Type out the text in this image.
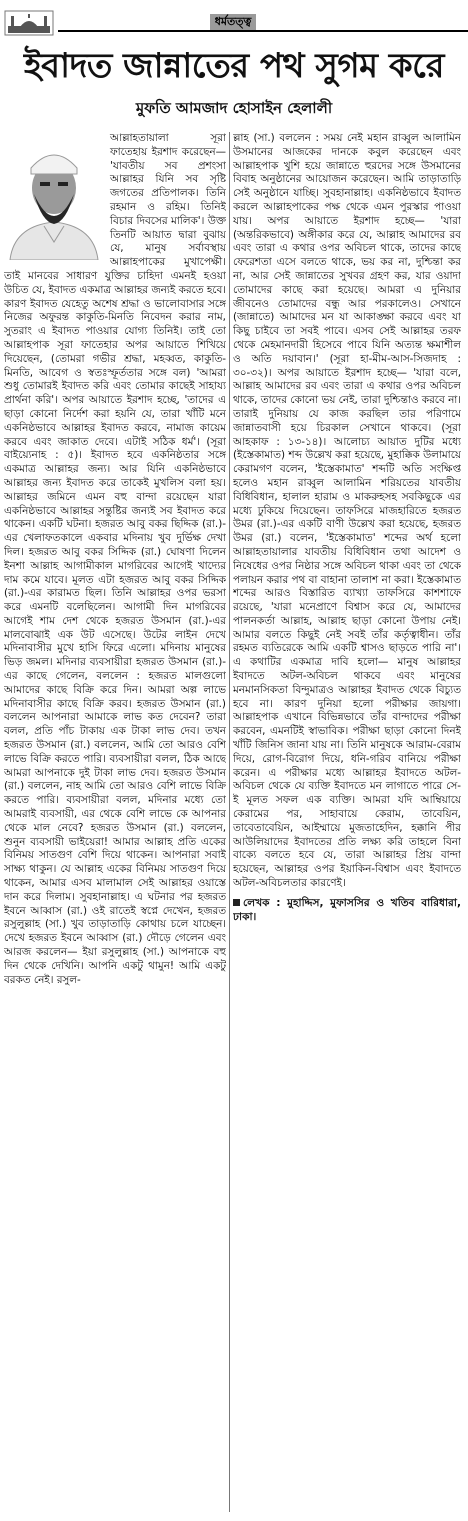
ধর্মতত্ত্ব
ইবাদত জান্নাতের পথ সুগম করে
মুফতি আমজাদ হোসাইন হেলালী

আল্লাহতায়ালা সূরা ফাতেহায় ইরশাদ করেছেন— 'যাবতীয় সব প্রশংসা আল্লাহর যিনি সব সৃষ্টি জগতের প্রতিপালক। তিনি রহমান ও রহিম। তিনিই বিচার দিবসের মালিক'। উক্ত তিনটি আয়াত দ্বারা বুঝায় যে, মানুষ সর্বাবস্থায় আল্লাহপাকের মুখাপেক্ষী। তাই মানবের সাধারণ যুক্তির চাহিদা এমনই হওয়া উচিত যে, ইবাদত একমাত্র আল্লাহর জন্যই করতে হবে। কারণ ইবাদত যেহেতু অশেষ শ্রদ্ধা ও ভালোবাসার সঙ্গে নিজের অফুরন্ত কাকুতি-মিনতি নিবেদন করার নাম, সুতরাং এ ইবাদত পাওয়ার যোগ্য তিনিই। তাই তো আল্লাহপাক সূরা ফাতেহার অপর আয়াতে শিখিয়ে দিয়েছেন, (তোমরা গভীর শ্রদ্ধা, মহব্বত, কাকুতি-মিনতি, আবেগ ও স্বতঃস্ফূর্ততার সঙ্গে বল) 'আমরা শুধু তোমারই ইবাদত করি এবং তোমার কাছেই সাহায্য প্রার্থনা করি'। অপর আয়াতে ইরশাদ হচ্ছে, 'তাদের এ ছাড়া কোনো নির্দেশ করা হয়নি যে, তারা খাঁটি মনে একনিষ্ঠভাবে আল্লাহর ইবাদত করবে, নামাজ কায়েম করবে এবং জাকাত দেবে। এটাই সঠিক ধর্ম'। (সূরা বাইয়্যেনাহ : ৫)। ইবাদত হবে একনিষ্ঠতার সঙ্গে একমাত্র আল্লাহর জন্য। আর যিনি একনিষ্ঠভাবে আল্লাহর জন্য ইবাদত করে তাকেই মুখলিস বলা হয়। আল্লাহর জমিনে এমন বহু বান্দা রয়েছেন যারা একনিষ্ঠভাবে আল্লাহর সন্তুষ্টির জন্যই সব ইবাদত করে থাকেন। একটি ঘটনা। হজরত আবু বকর ছিদ্দিক (রা.)-এর খেলাফতকালে একবার মদিনায় খুব দুর্ভিক্ষ দেখা দিল। হজরত আবু বকর সিদ্দিক (রা.) ঘোষণা দিলেন ইনশা আল্লাহ আগামীকাল মাগরিবের আগেই খাদ্যের দাম কমে যাবে। মূলত এটা হজরত আবু বকর সিদ্দিক (রা.)-এর কারামত ছিল। তিনি আল্লাহর ওপর ভরসা করে এমনটি বলেছিলেন। আগামী দিন মাগরিবের আগেই শাম দেশ থেকে হজরত উসমান (রা.)-এর মালবোঝাই এক উট এসেছে। উটের লাইন দেখে মদিনাবাসীর মুখে হাসি ফিরে এলো। মদিনায় মানুষের ভিড় জমল। মদিনার ব্যবসায়ীরা হজরত উসমান (রা.)-এর কাছে গেলেন, বললেন : হজরত মালগুলো আমাদের কাছে বিক্রি করে দিন। আমরা অল্প লাভে মদিনাবাসীর কাছে বিক্রি করব। হজরত উসমান (রা.) বললেন আপনারা আমাকে লাভ কত দেবেন? তারা বলল, প্রতি পাঁচ টাকায় এক টাকা লাভ দেব। তখন হজরত উসমান (রা.) বললেন, আমি তো আরও বেশি লাভে বিক্রি করতে পারি। ব্যবসায়ীরা বলল, ঠিক আছে আমরা আপনাকে দুই টাকা লাভ দেব। হজরত উসমান (রা.) বললেন, নাহ আমি তো আরও বেশি লাভে বিক্রি করতে পারি। ব্যবসায়ীরা বলল, মদিনার মধ্যে তো আমরাই ব্যবসায়ী, এর থেকে বেশি লাভে কে আপনার থেকে মাল নেবে? হজরত উসমান (রা.) বললেন, শুনুন ব্যবসায়ী ভাইয়েরা! আমার আল্লাহ প্রতি একের বিনিময় সাতগুণ বেশি দিয়ে থাকেন। আপনারা সবাই সাক্ষ্য থাকুন। যে আল্লাহ একের বিনিময় সাতগুণ দিয়ে থাকেন, আমার এসব মালামাল সেই আল্লাহর ওয়াস্তে দান করে দিলাম। সুবহানাল্লাহ। এ ঘটনার পর হজরত ইবনে আব্বাস (রা.) ওই রাতেই স্বপ্নে দেখেন, হজরত রসুলুল্লাহ (সা.) খুব তাড়াতাড়ি কোথায় চলে যাচ্ছেন। দেখে হজরত ইবনে আব্বাস (রা.) দৌড়ে গেলেন এবং আরজ করলেন— ইয়া রসুলুল্লাহ (সা.) আপনাকে বহু দিন থেকে দেখিনি। আপনি একটু থামুন! আমি একটু বরকত নেই। রসুল-

ল্লাহ (সা.) বললেন : সময় নেই মহান রাব্বুল আলামিন উসমানের আজকের দানকে কবুল করেছেন এবং আল্লাহপাক খুশি হয়ে জান্নাতে হুরদের সঙ্গে উসমানের বিবাহ অনুষ্ঠানের আয়োজন করেছেন। আমি তাড়াতাড়ি সেই অনুষ্ঠানে যাচ্ছি। সুবহানাল্লাহ। একনিষ্ঠভাবে ইবাদত করলে আল্লাহপাকের পক্ষ থেকে এমন পুরস্কার পাওয়া যায়। অপর আয়াতে ইরশাদ হচ্ছে— 'যারা (অন্তরিকভাবে) অঙ্গীকার করে যে, আল্লাহ আমাদের রব এবং তারা এ কথার ওপর অবিচল থাকে, তাদের কাছে ফেরেশতা এসে বলতে থাকে, ভয় কর না, দুশ্চিন্তা কর না, আর সেই জান্নাতের সুখবর গ্রহণ কর, যার ওয়াদা তোমাদের কাছে করা হয়েছে। আমরা এ দুনিয়ার জীবনেও তোমাদের বন্ধু আর পরকালেও। সেখানে (জান্নাতে) আমাদের মন যা আকাঙ্ক্ষা করবে এবং যা কিছু চাইবে তা সবই পাবে। এসব সেই আল্লাহর তরফ থেকে মেহমানদারী হিসেবে পাবে যিনি অত্যন্ত ক্ষমাশীল ও অতি দয়াবান।' (সূরা হা-মীম-আস-সিজদাহ : ৩০-৩২)। অপর আয়াতে ইরশাদ হচ্ছে— 'যারা বলে, আল্লাহ আমাদের রব এবং তারা এ কথার ওপর অবিচল থাকে, তাদের কোনো ভয় নেই, তারা দুশ্চিন্তাও করবে না। তারাই দুনিয়ায় যে কাজ করছিল তার পরিণামে জান্নাতবাসী হয়ে চিরকাল সেখানে থাকবে। (সূরা আহকাফ : ১৩-১৪)। আলোচ্য আয়াত দুটির মধ্যে (ইস্তেকামাত) শব্দ উল্লেখ করা হয়েছে, মুহাক্কিক উলামায়ে কেরামগণ বলেন, 'ইস্তেকামাত' শব্দটি অতি সংক্ষিপ্ত হলেও মহান রাব্বুল আলামিন শরিয়তের যাবতীয় বিধিবিধান, হালাল হারাম ও মাকরুহসহ সবকিছুকে এর মধ্যে ঢুকিয়ে দিয়েছেন। তাফসিরে মাজহারিতে হজরত উমর (রা.)-এর একটি বাণী উল্লেখ করা হয়েছে, হজরত উমর (রা.) বলেন, 'ইস্তেকামাত' শব্দের অর্থ হলো আল্লাহতায়ালার যাবতীয় বিধিবিধান তথা আদেশ ও নিষেধের ওপর নিষ্ঠার সঙ্গে অবিচল থাকা এবং তা থেকে পলায়ন করার পথ বা বাহানা তালাশ না করা। ইস্তেকামাত শব্দের আরও বিস্তারিত ব্যাখ্যা তাফসিরে কাশশাফে রয়েছে, 'যারা মনেপ্রাণে বিশ্বাস করে যে, আমাদের পালনকর্তা আল্লাহ, আল্লাহ ছাড়া কোনো উপায় নেই। আমার বলতে কিছুই নেই সবই তাঁর কর্তৃত্বাধীন। তাঁর রহমত ব্যতিরেকে আমি একটি শ্বাসও ছাড়তে পারি না'। এ কথাটির একমাত্র দাবি হলো— মানুষ আল্লাহর ইবাদতে অটল-অবিচল থাকবে এবং মানুষের মনমানসিকতা বিন্দুমাত্রও আল্লাহর ইবাদত থেকে বিচ্যুত হবে না। কারণ দুনিয়া হলো পরীক্ষার জায়গা। আল্লাহপাক এখানে বিভিন্নভাবে তাঁর বান্দাদের পরীক্ষা করবেন, এমনটিই স্বাভাবিক। পরীক্ষা ছাড়া কোনো দিনই খাঁটি জিনিস জানা যায় না। তিনি মানুষকে আরাম-বেরাম দিয়ে, রোগ-বিরোগ দিয়ে, ধনি-গরিব বানিয়ে পরীক্ষা করেন। এ পরীক্ষার মধ্যে আল্লাহর ইবাদতে অটল-অবিচল থেকে যে ব্যক্তি ইবাদতে মন লাগাতে পারে সে-ই মূলত সফল এক ব্যক্তি। আমরা যদি আম্বিয়ায়ে কেরামের পর, সাহাবায়ে কেরাম, তাবেয়িন, তাবেতাবেয়িন, আইম্মায়ে মুজতাহেদিন, হক্কানি পীর আউলিয়াদের ইবাদতের প্রতি লক্ষ্য করি তাহলে বিনা বাক্যে বলতে হবে যে, তারা আল্লাহর প্রিয় বান্দা হয়েছেন, আল্লাহর ওপর ইয়াকিন-বিশ্বাস এবং ইবাদতে অটল-অবিচলতার কারণেই।

লেখক : মুহাদ্দিস, মুফাসসির ও খতিব বারিধারা, ঢাকা।
